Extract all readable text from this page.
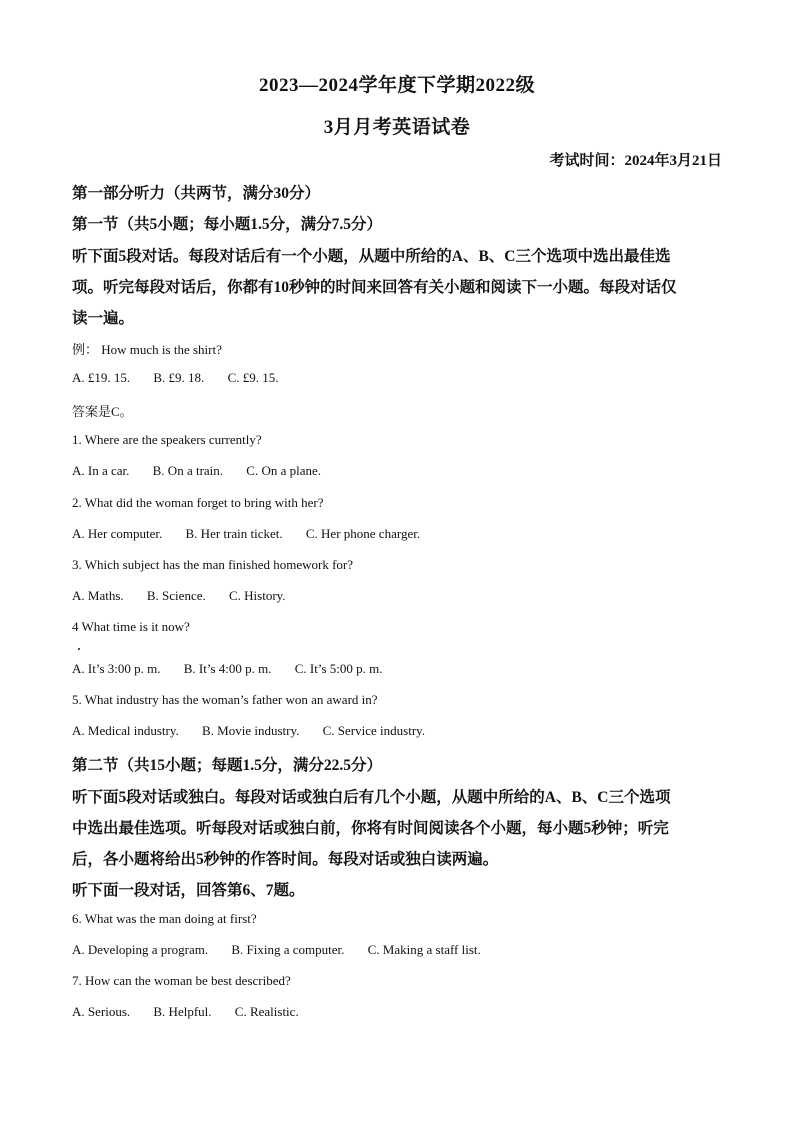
2023—2024学年度下学期2022级
3月月考英语试卷
考试时间：2024年3月21日
第一部分听力（共两节，满分30分）
第一节（共5小题；每小题1.5分，满分7.5分）
听下面5段对话。每段对话后有一个小题，从题中所给的A、B、C三个选项中选出最佳选
项。听完每段对话后，你都有10秒钟的时间来回答有关小题和阅读下一小题。每段对话仅
读一遍。
例： How much is the shirt?
A. £19. 15. B. £9. 18. C. £9. 15.
答案是C。
1. Where are the speakers currently?
A. In a car. B. On a train. C. On a plane.
2. What did the woman forget to bring with her?
A. Her computer. B. Her train ticket. C. Her phone charger.
3. Which subject has the man finished homework for?
A. Maths. B. Science. C. History.
4 What time is it now?
A. It’s 3:00 p. m. B. It’s 4:00 p. m. C. It’s 5:00 p. m.
5. What industry has the woman’s father won an award in?
A. Medical industry. B. Movie industry. C. Service industry.
第二节（共15小题；每题1.5分，满分22.5分）
听下面5段对话或独白。每段对话或独白后有几个小题，从题中所给的A、B、C三个选项
中选出最佳选项。听每段对话或独白前，你将有时间阅读各个小题，每小题5秒钟；听完
后，各小题将给出5秒钟的作答时间。每段对话或独白读两遍。
听下面一段对话，回答第6、7题。
6. What was the man doing at first?
A. Developing a program. B. Fixing a computer. C. Making a staff list.
7. How can the woman be best described?
A. Serious. B. Helpful. C. Realistic.
